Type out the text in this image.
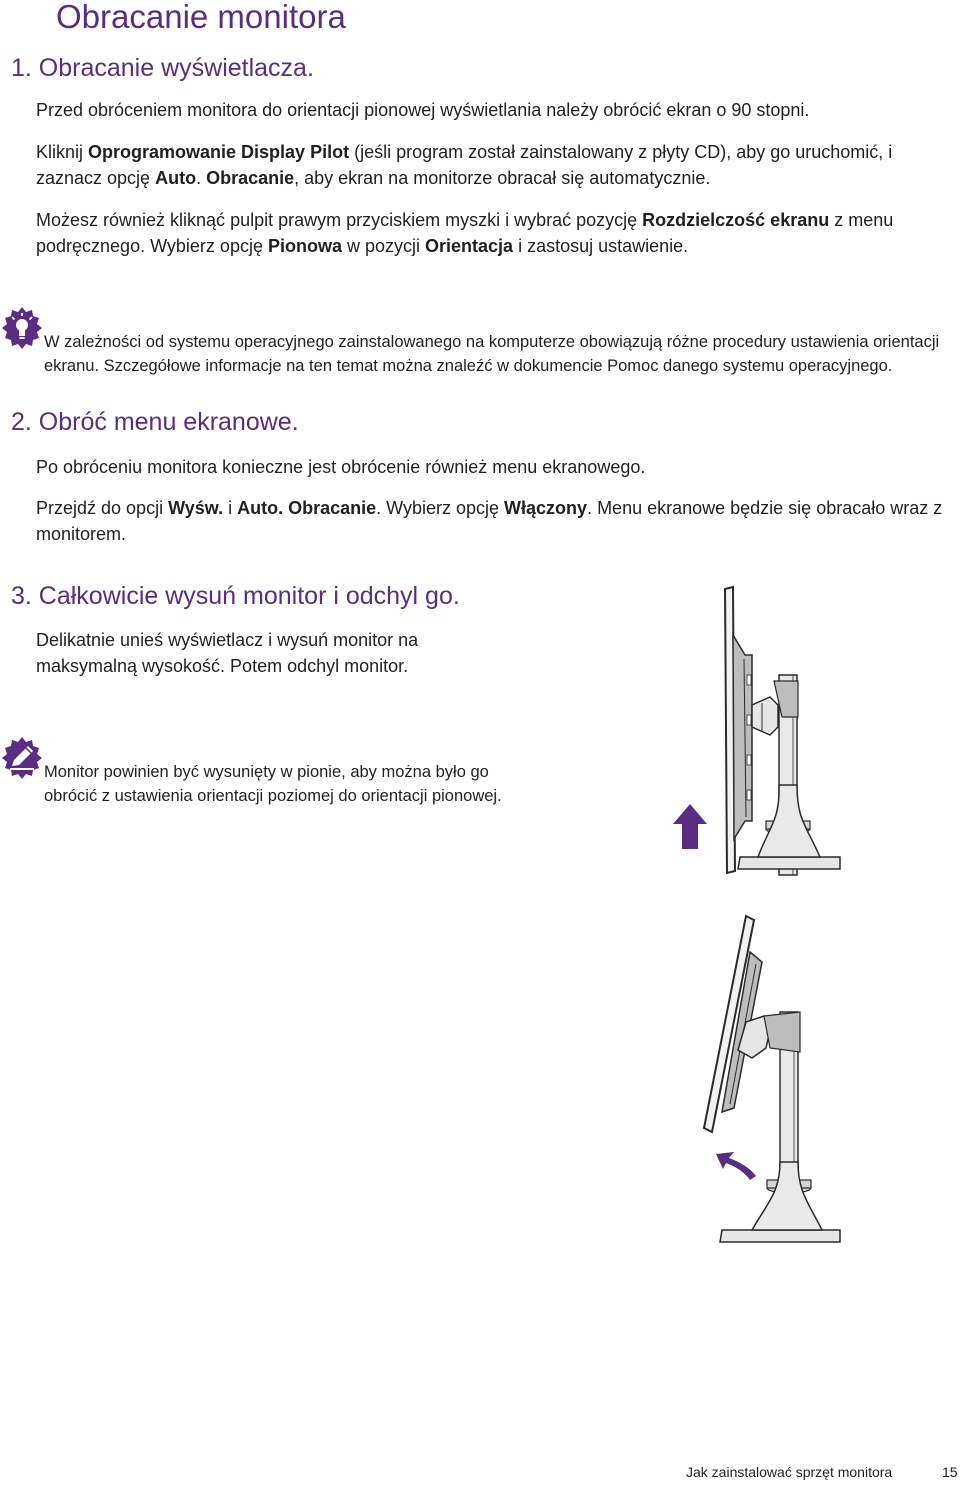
Obracanie monitora
1. Obracanie wyświetlacza.
Przed obróceniem monitora do orientacji pionowej wyświetlania należy obrócić ekran o 90 stopni.
Kliknij Oprogramowanie Display Pilot (jeśli program został zainstalowany z płyty CD), aby go uruchomić, i zaznacz opcję Auto. Obracanie, aby ekran na monitorze obracał się automatycznie.
Możesz również kliknąć pulpit prawym przyciskiem myszki i wybrać pozycję Rozdzielczość ekranu z menu podręcznego. Wybierz opcję Pionowa w pozycji Orientacja i zastosuj ustawienie.
W zależności od systemu operacyjnego zainstalowanego na komputerze obowiązują różne procedury ustawienia orientacji ekranu. Szczegółowe informacje na ten temat można znaleźć w dokumencie Pomoc danego systemu operacyjnego.
2. Obróć menu ekranowe.
Po obróceniu monitora konieczne jest obrócenie również menu ekranowego.
Przejdź do opcji Wyśw. i Auto. Obracanie. Wybierz opcję Włączony. Menu ekranowe będzie się obracało wraz z monitorem.
3. Całkowicie wysuń monitor i odchyl go.
Delikatnie unieś wyświetlacz i wysuń monitor na maksymalną wysokość. Potem odchyl monitor.
Monitor powinien być wysunięty w pionie, aby można było go obrócić z ustawienia orientacji poziomej do orientacji pionowej.
Jak zainstalować sprzęt monitora	15
